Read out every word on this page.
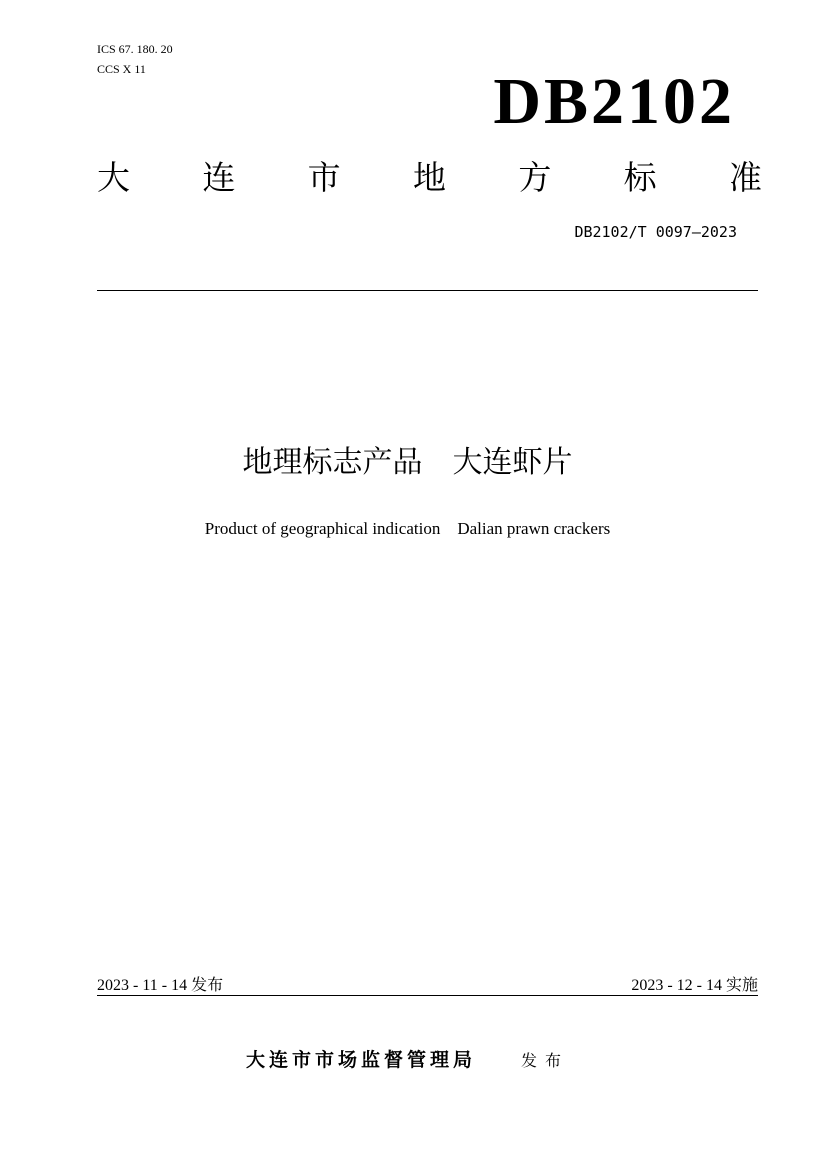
ICS 67. 180. 20
CCS X 11	DB2102
大 连 市 地 方 标 准
DB2102/T 0097—2023
地理标志产品　大连虾片
Product of geographical indication    Dalian prawn crackers
2023 - 11 - 14 发布	2023 - 12 - 14 实施
大连市市场监督管理局	发布
